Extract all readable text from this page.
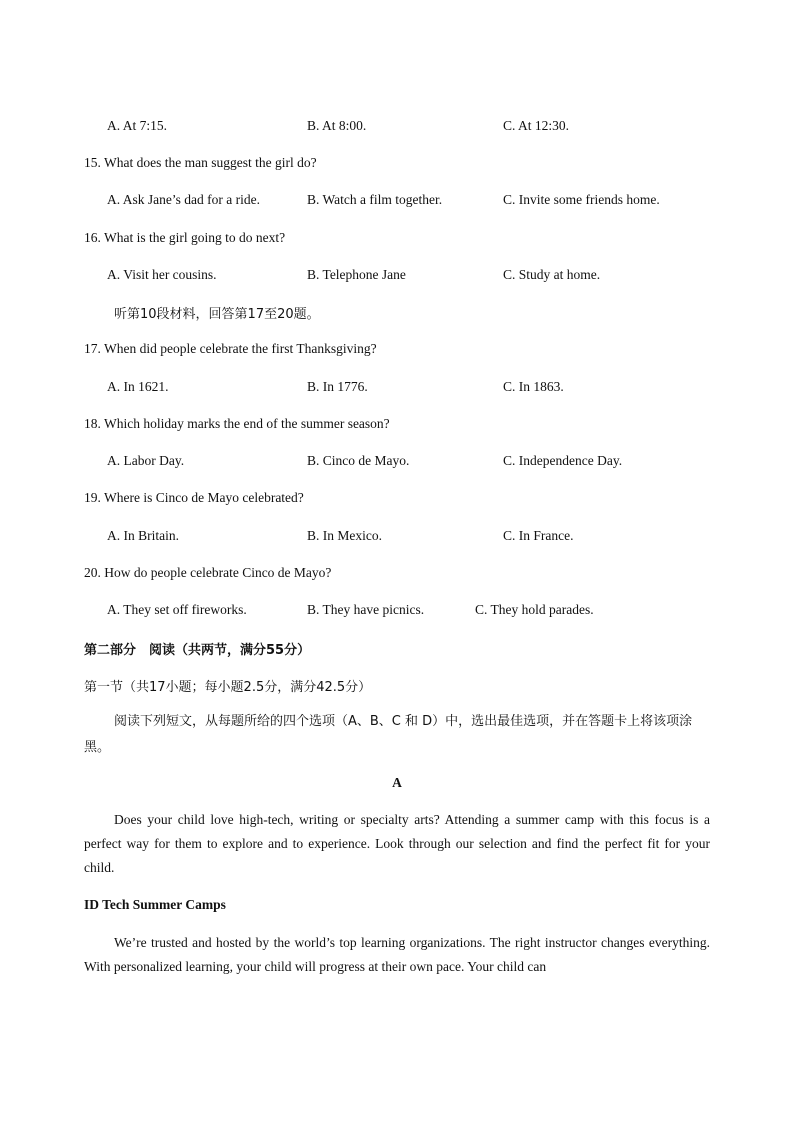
A. At 7:15.	B. At 8:00.	C. At 12:30.
15. What does the man suggest the girl do?
A. Ask Jane’s dad for a ride.	B. Watch a film together.	C. Invite some friends home.
16. What is the girl going to do next?
A. Visit her cousins.	B. Telephone Jane	C. Study at home.
听第10段材料，回答第17至20题。
17. When did people celebrate the first Thanksgiving?
A. In 1621.	B. In 1776.	C. In 1863.
18. Which holiday marks the end of the summer season?
A. Labor Day.	B. Cinco de Mayo.	C. Independence Day.
19. Where is Cinco de Mayo celebrated?
A. In Britain.	B. In Mexico.	C. In France.
20. How do people celebrate Cinco de Mayo?
A. They set off fireworks.	B. They have picnics.	C. They hold parades.
第二部分　阅读（共两节，满分55分）
第一节（共17小题；每小题2.5分，满分42.5分）
阅读下列短文，从每题所给的四个选项（A、B、C 和 D）中，选出最佳选项，并在答题卡上将该项涂黑。
A
Does your child love high-tech, writing or specialty arts? Attending a summer camp with this focus is a perfect way for them to explore and to experience. Look through our selection and find the perfect fit for your child.
ID Tech Summer Camps
We’re trusted and hosted by the world’s top learning organizations. The right instructor changes everything. With personalized learning, your child will progress at their own pace. Your child can
